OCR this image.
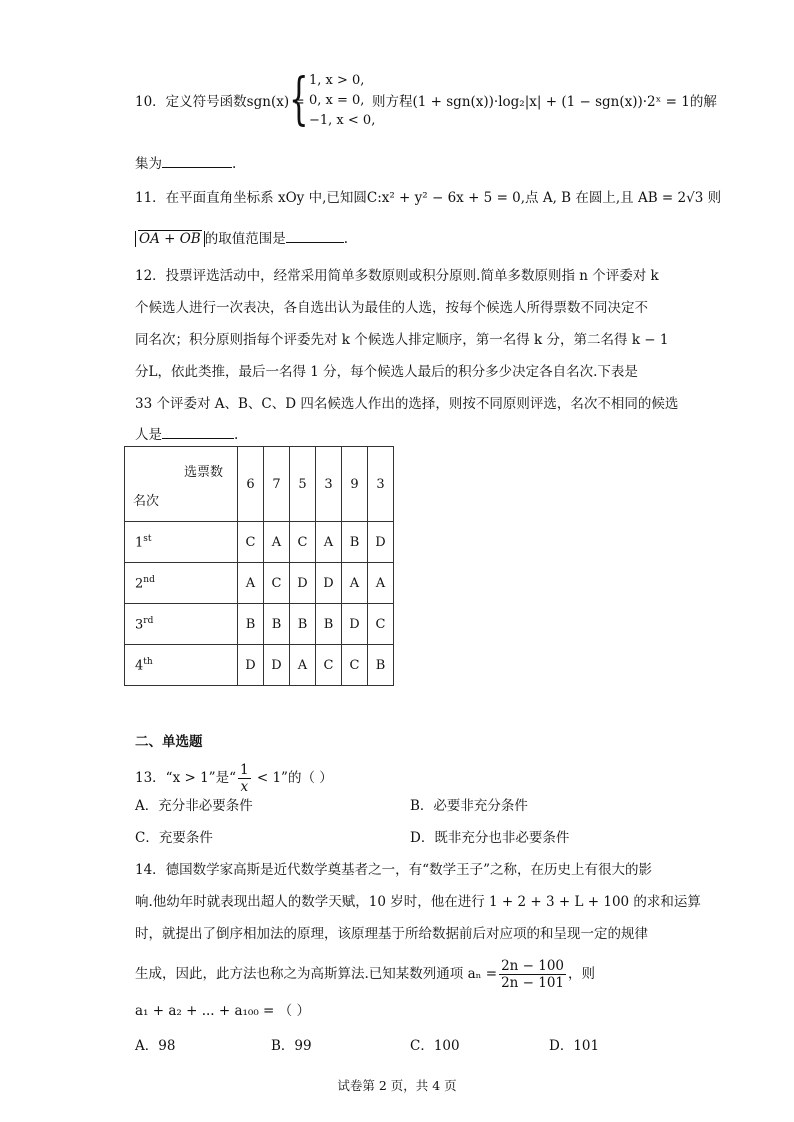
10．定义符号函数sgn(x) =
{ 1, x > 0,
0, x = 0,
−1, x < 0,
则方程(1 + sgn(x))·log₂|x| + (1 − sgn(x))·2ˣ = 1的解
集为	.
11．在平面直角坐标系 xOy 中,已知圆C:x² + y² − 6x + 5 = 0,点 A, B 在圆上,且 AB = 2√3 则
OA + OB 的取值范围是	.
12．投票评选活动中，经常采用简单多数原则或积分原则.简单多数原则指 n 个评委对 k
个候选人进行一次表决，各自选出认为最佳的人选，按每个候选人所得票数不同决定不
同名次；积分原则指每个评委先对 k 个候选人排定顺序，第一名得 k 分，第二名得 k − 1
分L，依此类推，最后一名得 1 分，每个候选人最后的积分多少决定各自名次.下表是
33 个评委对 A、B、C、D 四名候选人作出的选择，则按不同原则评选，名次不相同的候选
人是	.
选票数
名次	6	7	5	3	9	3
1st	C	A	C	A	B	D
2nd	A	C	D	D	A	A
3rd	B	B	B	B	D	C
4th	D	D	A	C	C	B
二、单选题
13．“x > 1”是“ $\frac{1}{x} < 1$”的（ ）
A．充分非必要条件	B．必要非充分条件
C．充要条件	D．既非充分也非必要条件
14．德国数学家高斯是近代数学奠基者之一，有“数学王子”之称，在历史上有很大的影
响.他幼年时就表现出超人的数学天赋，10 岁时，他在进行 1 + 2 + 3 + L + 100 的求和运算
时，就提出了倒序相加法的原理，该原理基于所给数据前后对应项的和呈现一定的规律
生成，因此，此方法也称之为高斯算法.已知某数列通项 $a_n = \frac{2n - 100}{2n - 101}$ ，则
a₁ + a₂ + ... + a₁₀₀ = （ ）
A．98	B．99	C．100	D．101
试卷第 2 页，共 4 页
